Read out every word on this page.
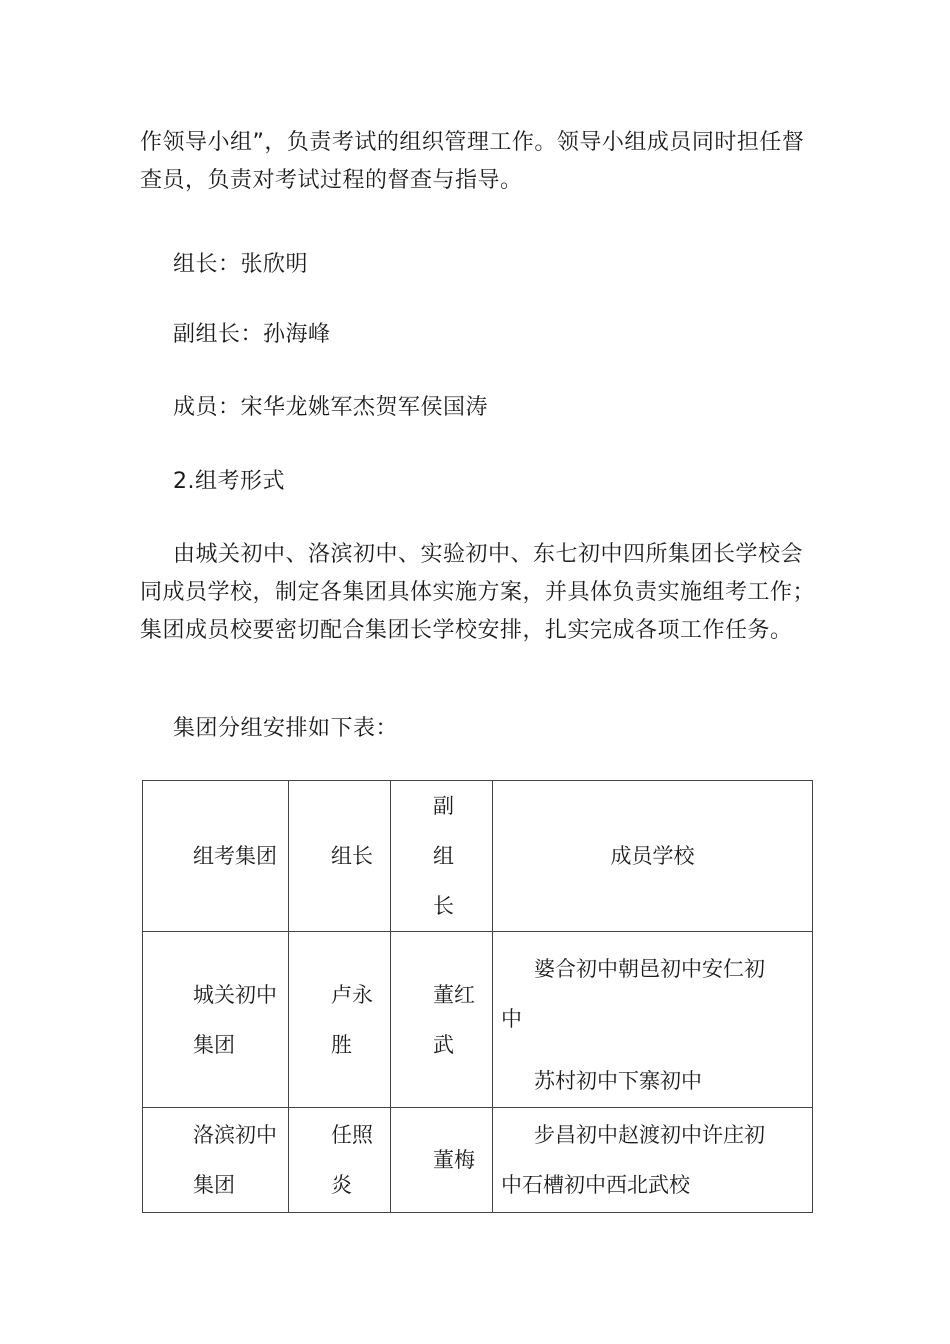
作领导小组”，负责考试的组织管理工作。领导小组成员同时担任督查员，负责对考试过程的督查与指导。

组长：张欣明

副组长：孙海峰

成员：宋华龙姚军杰贺军侯国涛

2.组考形式

由城关初中、洛滨初中、实验初中、东七初中四所集团长学校会同成员学校，制定各集团具体实施方案，并具体负责实施组考工作；集团成员校要密切配合集团长学校安排，扎实完成各项工作任务。

集团分组安排如下表：

组考集团	组长	副组长	成员学校

城关初中集团	卢永胜	董红武	婆合初中朝邑初中安仁初中
苏村初中下寨初中

洛滨初中集团	任照炎	董梅	步昌初中赵渡初中许庄初中石槽初中西北武校
